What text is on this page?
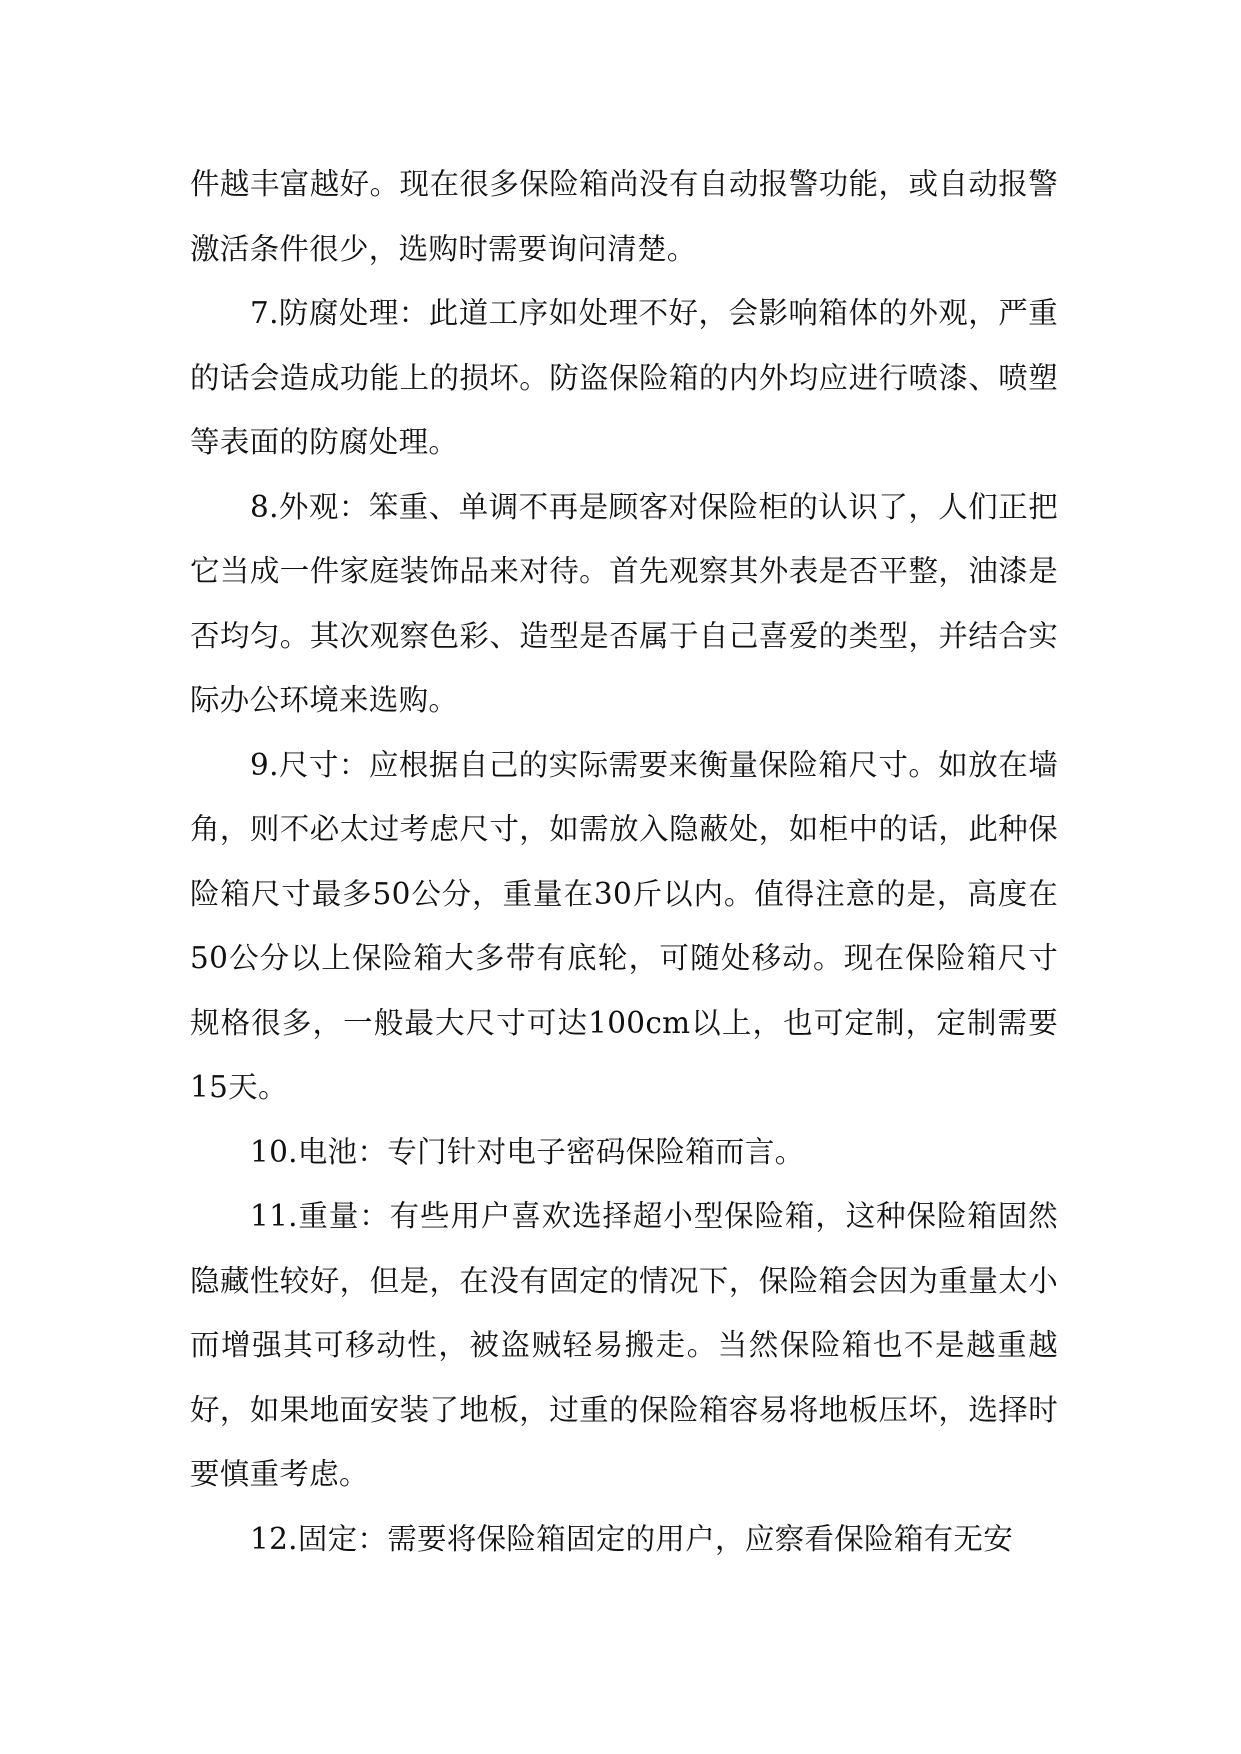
件越丰富越好。现在很多保险箱尚没有自动报警功能，或自动报警激活条件很少，选购时需要询问清楚。

7.防腐处理：此道工序如处理不好，会影响箱体的外观，严重的话会造成功能上的损坏。防盗保险箱的内外均应进行喷漆、喷塑等表面的防腐处理。

8.外观：笨重、单调不再是顾客对保险柜的认识了，人们正把它当成一件家庭装饰品来对待。首先观察其外表是否平整，油漆是否均匀。其次观察色彩、造型是否属于自己喜爱的类型，并结合实际办公环境来选购。

9.尺寸：应根据自己的实际需要来衡量保险箱尺寸。如放在墙角，则不必太过考虑尺寸，如需放入隐蔽处，如柜中的话，此种保险箱尺寸最多50公分，重量在30斤以内。值得注意的是，高度在50公分以上保险箱大多带有底轮，可随处移动。现在保险箱尺寸规格很多，一般最大尺寸可达100cm以上，也可定制，定制需要15天。

10.电池：专门针对电子密码保险箱而言。

11.重量：有些用户喜欢选择超小型保险箱，这种保险箱固然隐藏性较好，但是，在没有固定的情况下，保险箱会因为重量太小而增强其可移动性，被盗贼轻易搬走。当然保险箱也不是越重越好，如果地面安装了地板，过重的保险箱容易将地板压坏，选择时要慎重考虑。

12.固定：需要将保险箱固定的用户，应察看保险箱有无安
